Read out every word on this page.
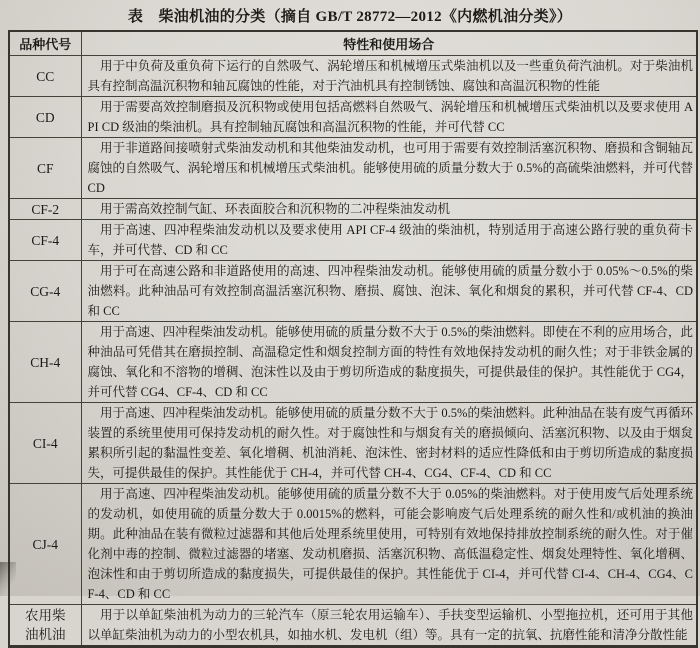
表　柴油机油的分类（摘自 GB/T 28772—2012《内燃机油分类》）
品种代号	特性和使用场合
CC	用于中负荷及重负荷下运行的自然吸气、涡轮增压和机械增压式柴油机以及一些重负荷汽油机。对于柴油机具有控制高温沉积物和轴瓦腐蚀的性能，对于汽油机具有控制锈蚀、腐蚀和高温沉积物的性能

CD	用于需要高效控制磨损及沉积物或使用包括高燃料自然吸气、涡轮增压和机械增压式柴油机以及要求使用 API CD 级油的柴油机。具有控制轴瓦腐蚀和高温沉积物的性能，并可代替 CC

CF	用于非道路间接喷射式柴油发动机和其他柴油发动机，也可用于需要有效控制活塞沉积物、磨损和含铜轴瓦腐蚀的自然吸气、涡轮增压和机械增压式柴油机。能够使用硫的质量分数大于 0.5%的高硫柴油燃料，并可代替 CD

CF-2	用于需高效控制气缸、环表面胶合和沉积物的二冲程柴油发动机

CF-4	用于高速、四冲程柴油发动机以及要求使用 API CF-4 级油的柴油机，特别适用于高速公路行驶的重负荷卡车，并可代替、CD 和 CC

CG-4	用于可在高速公路和非道路使用的高速、四冲程柴油发动机。能够使用硫的质量分数小于 0.05%～0.5%的柴油燃料。此种油品可有效控制高温活塞沉积物、磨损、腐蚀、泡沫、氧化和烟炱的累积，并可代替 CF-4、CD 和 CC

CH-4	用于高速、四冲程柴油发动机。能够使用硫的质量分数不大于 0.5%的柴油燃料。即使在不利的应用场合，此种油品可凭借其在磨损控制、高温稳定性和烟炱控制方面的特性有效地保持发动机的耐久性；对于非铁金属的腐蚀、氧化和不溶物的增稠、泡沫性以及由于剪切所造成的黏度损失，可提供最佳的保护。其性能优于 CG4，并可代替 CG4、CF-4、CD 和 CC

CI-4	用于高速、四冲程柴油发动机。能够使用硫的质量分数不大于 0.5%的柴油燃料。此种油品在装有废气再循环装置的系统里使用可保持发动机的耐久性。对于腐蚀性和与烟炱有关的磨损倾向、活塞沉积物、以及由于烟炱累积所引起的黏温性变差、氧化增稠、机油消耗、泡沫性、密封材料的适应性降低和由于剪切所造成的黏度损失，可提供最佳的保护。其性能优于 CH-4，并可代替 CH-4、CG4、CF-4、CD 和 CC

CJ-4	用于高速、四冲程柴油发动机。能够使用硫的质量分数不大于 0.05%的柴油燃料。对于使用废气后处理系统的发动机，如使用硫的质量分数大于 0.0015%的燃料，可能会影响废气后处理系统的耐久性和/或机油的换油期。此种油品在装有微粒过滤器和其他后处理系统里使用，可特别有效地保持排放控制系统的耐久性。对于催化剂中毒的控制、微粒过滤器的堵塞、发动机磨损、活塞沉积物、高低温稳定性、烟炱处理特性、氧化增稠、泡沫性和由于剪切所造成的黏度损失，可提供最佳的保护。其性能优于 CI-4，并可代替 CI-4、CH-4、CG4、CF-4、CD 和 CC

农用柴油机油	用于以单缸柴油机为动力的三轮汽车（原三轮农用运输车）、手扶变型运输机、小型拖拉机，还可用于其他以单缸柴油机为动力的小型农机具，如抽水机、发电机（组）等。具有一定的抗氧、抗磨性能和清净分散性能
